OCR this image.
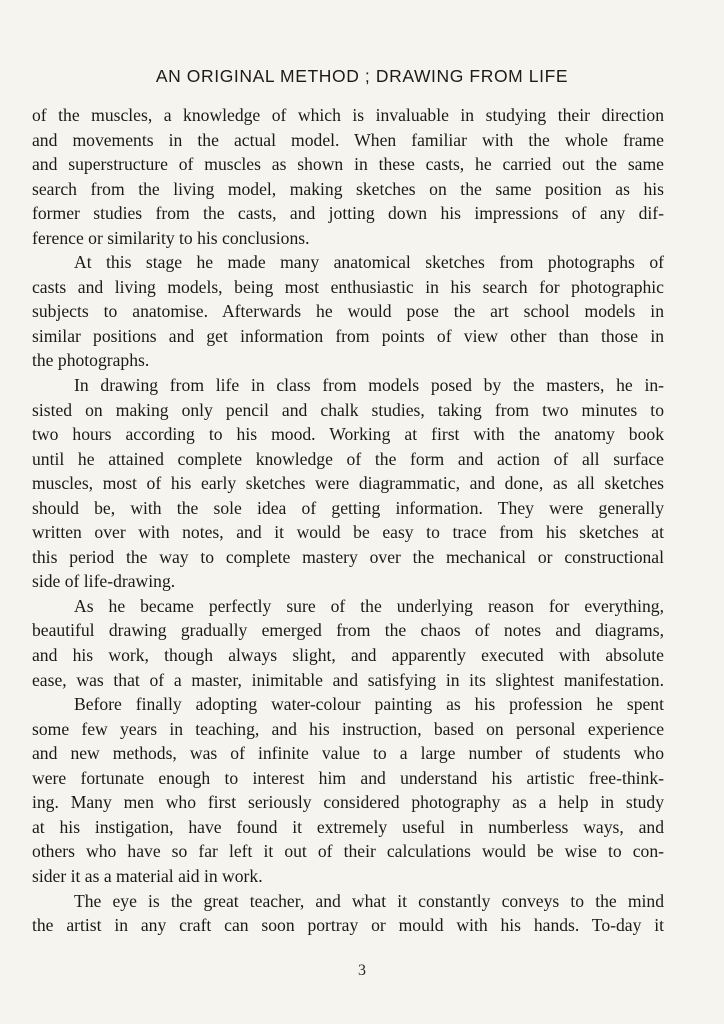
AN ORIGINAL METHOD ; DRAWING FROM LIFE
of the muscles, a knowledge of which is invaluable in studying their direction
and movements in the actual model. When familiar with the whole frame
and superstructure of muscles as shown in these casts, he carried out the same
search from the living model, making sketches on the same position as his
former studies from the casts, and jotting down his impressions of any dif-
ference or similarity to his conclusions.
At this stage he made many anatomical sketches from photographs of
casts and living models, being most enthusiastic in his search for photographic
subjects to anatomise. Afterwards he would pose the art school models in
similar positions and get information from points of view other than those in
the photographs.
In drawing from life in class from models posed by the masters, he in-
sisted on making only pencil and chalk studies, taking from two minutes to
two hours according to his mood. Working at first with the anatomy book
until he attained complete knowledge of the form and action of all surface
muscles, most of his early sketches were diagrammatic, and done, as all sketches
should be, with the sole idea of getting information. They were generally
written over with notes, and it would be easy to trace from his sketches at
this period the way to complete mastery over the mechanical or constructional
side of life-drawing.
As he became perfectly sure of the underlying reason for everything,
beautiful drawing gradually emerged from the chaos of notes and diagrams,
and his work, though always slight, and apparently executed with absolute
ease, was that of a master, inimitable and satisfying in its slightest manifestation.
Before finally adopting water-colour painting as his profession he spent
some few years in teaching, and his instruction, based on personal experience
and new methods, was of infinite value to a large number of students who
were fortunate enough to interest him and understand his artistic free-think-
ing. Many men who first seriously considered photography as a help in study
at his instigation, have found it extremely useful in numberless ways, and
others who have so far left it out of their calculations would be wise to con-
sider it as a material aid in work.
The eye is the great teacher, and what it constantly conveys to the mind
the artist in any craft can soon portray or mould with his hands. To-day it
3
